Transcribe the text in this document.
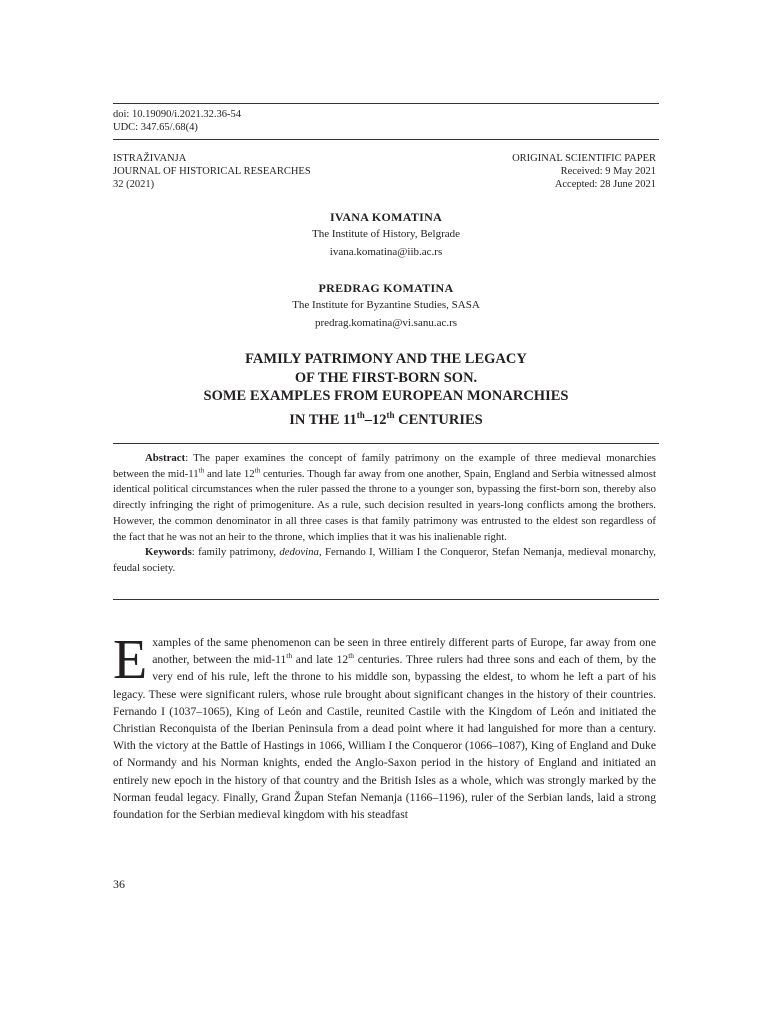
doi: 10.19090/i.2021.32.36-54
UDC: 347.65/.68(4)
ISTRAŽIVANJA
JOURNAL OF HISTORICAL RESEARCHES
32 (2021)
ORIGINAL SCIENTIFIC PAPER
Received: 9 May 2021
Accepted: 28 June 2021
IVANA KOMATINA
The Institute of History, Belgrade
ivana.komatina@iib.ac.rs
PREDRAG KOMATINA
The Institute for Byzantine Studies, SASA
predrag.komatina@vi.sanu.ac.rs
FAMILY PATRIMONY AND THE LEGACY
OF THE FIRST-BORN SON.
SOME EXAMPLES FROM EUROPEAN MONARCHIES
IN THE 11th–12th CENTURIES

Abstract: The paper examines the concept of family patrimony on the example of three medieval monarchies between the mid-11th and late 12th centuries. Though far away from one another, Spain, England and Serbia witnessed almost identical political circumstances when the ruler passed the throne to a younger son, bypassing the first-born son, thereby also directly infringing the right of primogeniture. As a rule, such decision resulted in years-long conflicts among the brothers. However, the common denominator in all three cases is that family patrimony was entrusted to the eldest son regardless of the fact that he was not an heir to the throne, which implies that it was his inalienable right.

Keywords: family patrimony, dedovina, Fernando I, William I the Conqueror, Stefan Nemanja, medieval monarchy, feudal society.

Examples of the same phenomenon can be seen in three entirely different parts of Europe, far away from one another, between the mid-11th and late 12th centuries. Three rulers had three sons and each of them, by the very end of his rule, left the throne to his middle son, bypassing the eldest, to whom he left a part of his legacy. These were significant rulers, whose rule brought about significant changes in the history of their countries. Fernando I (1037–1065), King of León and Castile, reunited Castile with the Kingdom of León and initiated the Christian Reconquista of the Iberian Peninsula from a dead point where it had languished for more than a century. With the victory at the Battle of Hastings in 1066, William I the Conqueror (1066–1087), King of England and Duke of Normandy and his Norman knights, ended the Anglo-Saxon period in the history of England and initiated an entirely new epoch in the history of that country and the British Isles as a whole, which was strongly marked by the Norman feudal legacy. Finally, Grand Župan Stefan Nemanja (1166–1196), ruler of the Serbian lands, laid a strong foundation for the Serbian medieval kingdom with his steadfast
36
